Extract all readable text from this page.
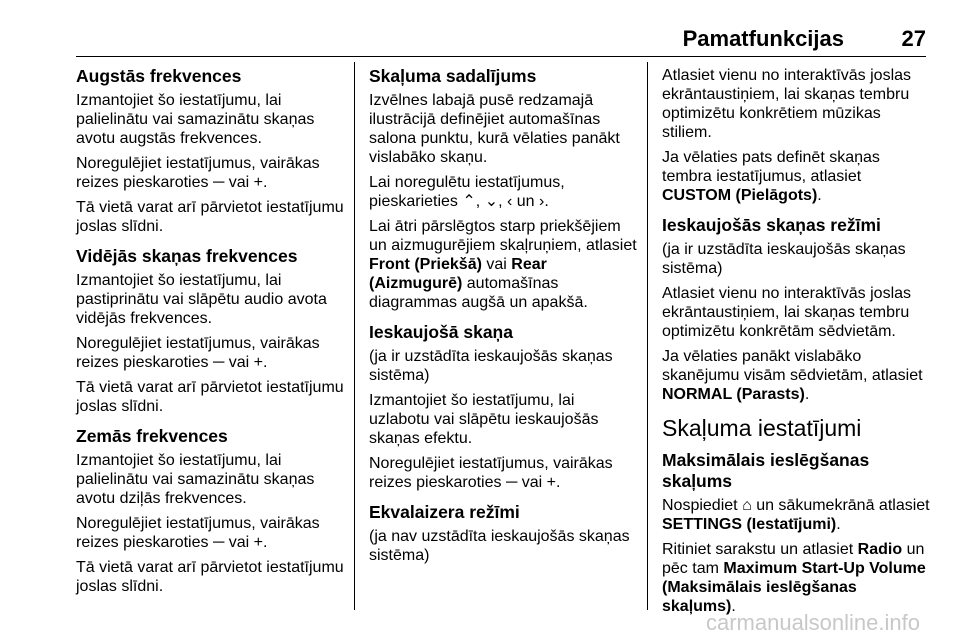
Pamatfunkcijas	27
Augstās frekvences

Izmantojiet šo iestatījumu, lai palielinātu vai samazinātu skaņas avotu augstās frekvences.

Noregulējiet iestatījumus, vairākas reizes pieskaroties ─ vai +.

Tā vietā varat arī pārvietot iestatījumu joslas slīdni.

Vidējās skaņas frekvences

Izmantojiet šo iestatījumu, lai pastiprinātu vai slāpētu audio avota vidējās frekvences.

Noregulējiet iestatījumus, vairākas reizes pieskaroties ─ vai +.

Tā vietā varat arī pārvietot iestatījumu joslas slīdni.

Zemās frekvences

Izmantojiet šo iestatījumu, lai palielinātu vai samazinātu skaņas avotu dziļās frekvences.

Noregulējiet iestatījumus, vairākas reizes pieskaroties ─ vai +.

Tā vietā varat arī pārvietot iestatījumu joslas slīdni.

Skaļuma sadalījums

Izvēlnes labajā pusē redzamajā ilustrācijā definējiet automašīnas salona punktu, kurā vēlaties panākt vislabāko skaņu.

Lai noregulētu iestatījumus, pieskarieties ⌃, ⌄, ‹ un ›.

Lai ātri pārslēgtos starp priekšējiem un aizmugurējiem skaļruņiem, atlasiet Front (Priekšā) vai Rear (Aizmugurē) automašīnas diagrammas augšā un apakšā.

Ieskaujošā skaņa

(ja ir uzstādīta ieskaujošās skaņas sistēma)

Izmantojiet šo iestatījumu, lai uzlabotu vai slāpētu ieskaujošās skaņas efektu.

Noregulējiet iestatījumus, vairākas reizes pieskaroties ─ vai +.

Ekvalaizera režīmi

(ja nav uzstādīta ieskaujošās skaņas sistēma)

Atlasiet vienu no interaktīvās joslas ekrāntaustiņiem, lai skaņas tembru optimizētu konkrētiem mūzikas stiliem.

Ja vēlaties pats definēt skaņas tembra iestatījumus, atlasiet CUSTOM (Pielāgots).

Ieskaujošās skaņas režīmi

(ja ir uzstādīta ieskaujošās skaņas sistēma)

Atlasiet vienu no interaktīvās joslas ekrāntaustiņiem, lai skaņas tembru optimizētu konkrētām sēdvietām.

Ja vēlaties panākt vislabāko skanējumu visām sēdvietām, atlasiet NORMAL (Parasts).

Skaļuma iestatījumi
Maksimālais ieslēgšanas skaļums

Nospiediet ⌂ un sākumekrānā atlasiet SETTINGS (Iestatījumi).

Ritiniet sarakstu un atlasiet Radio un pēc tam Maximum Start-Up Volume (Maksimālais ieslēgšanas skaļums).

carmanualsonline.info
